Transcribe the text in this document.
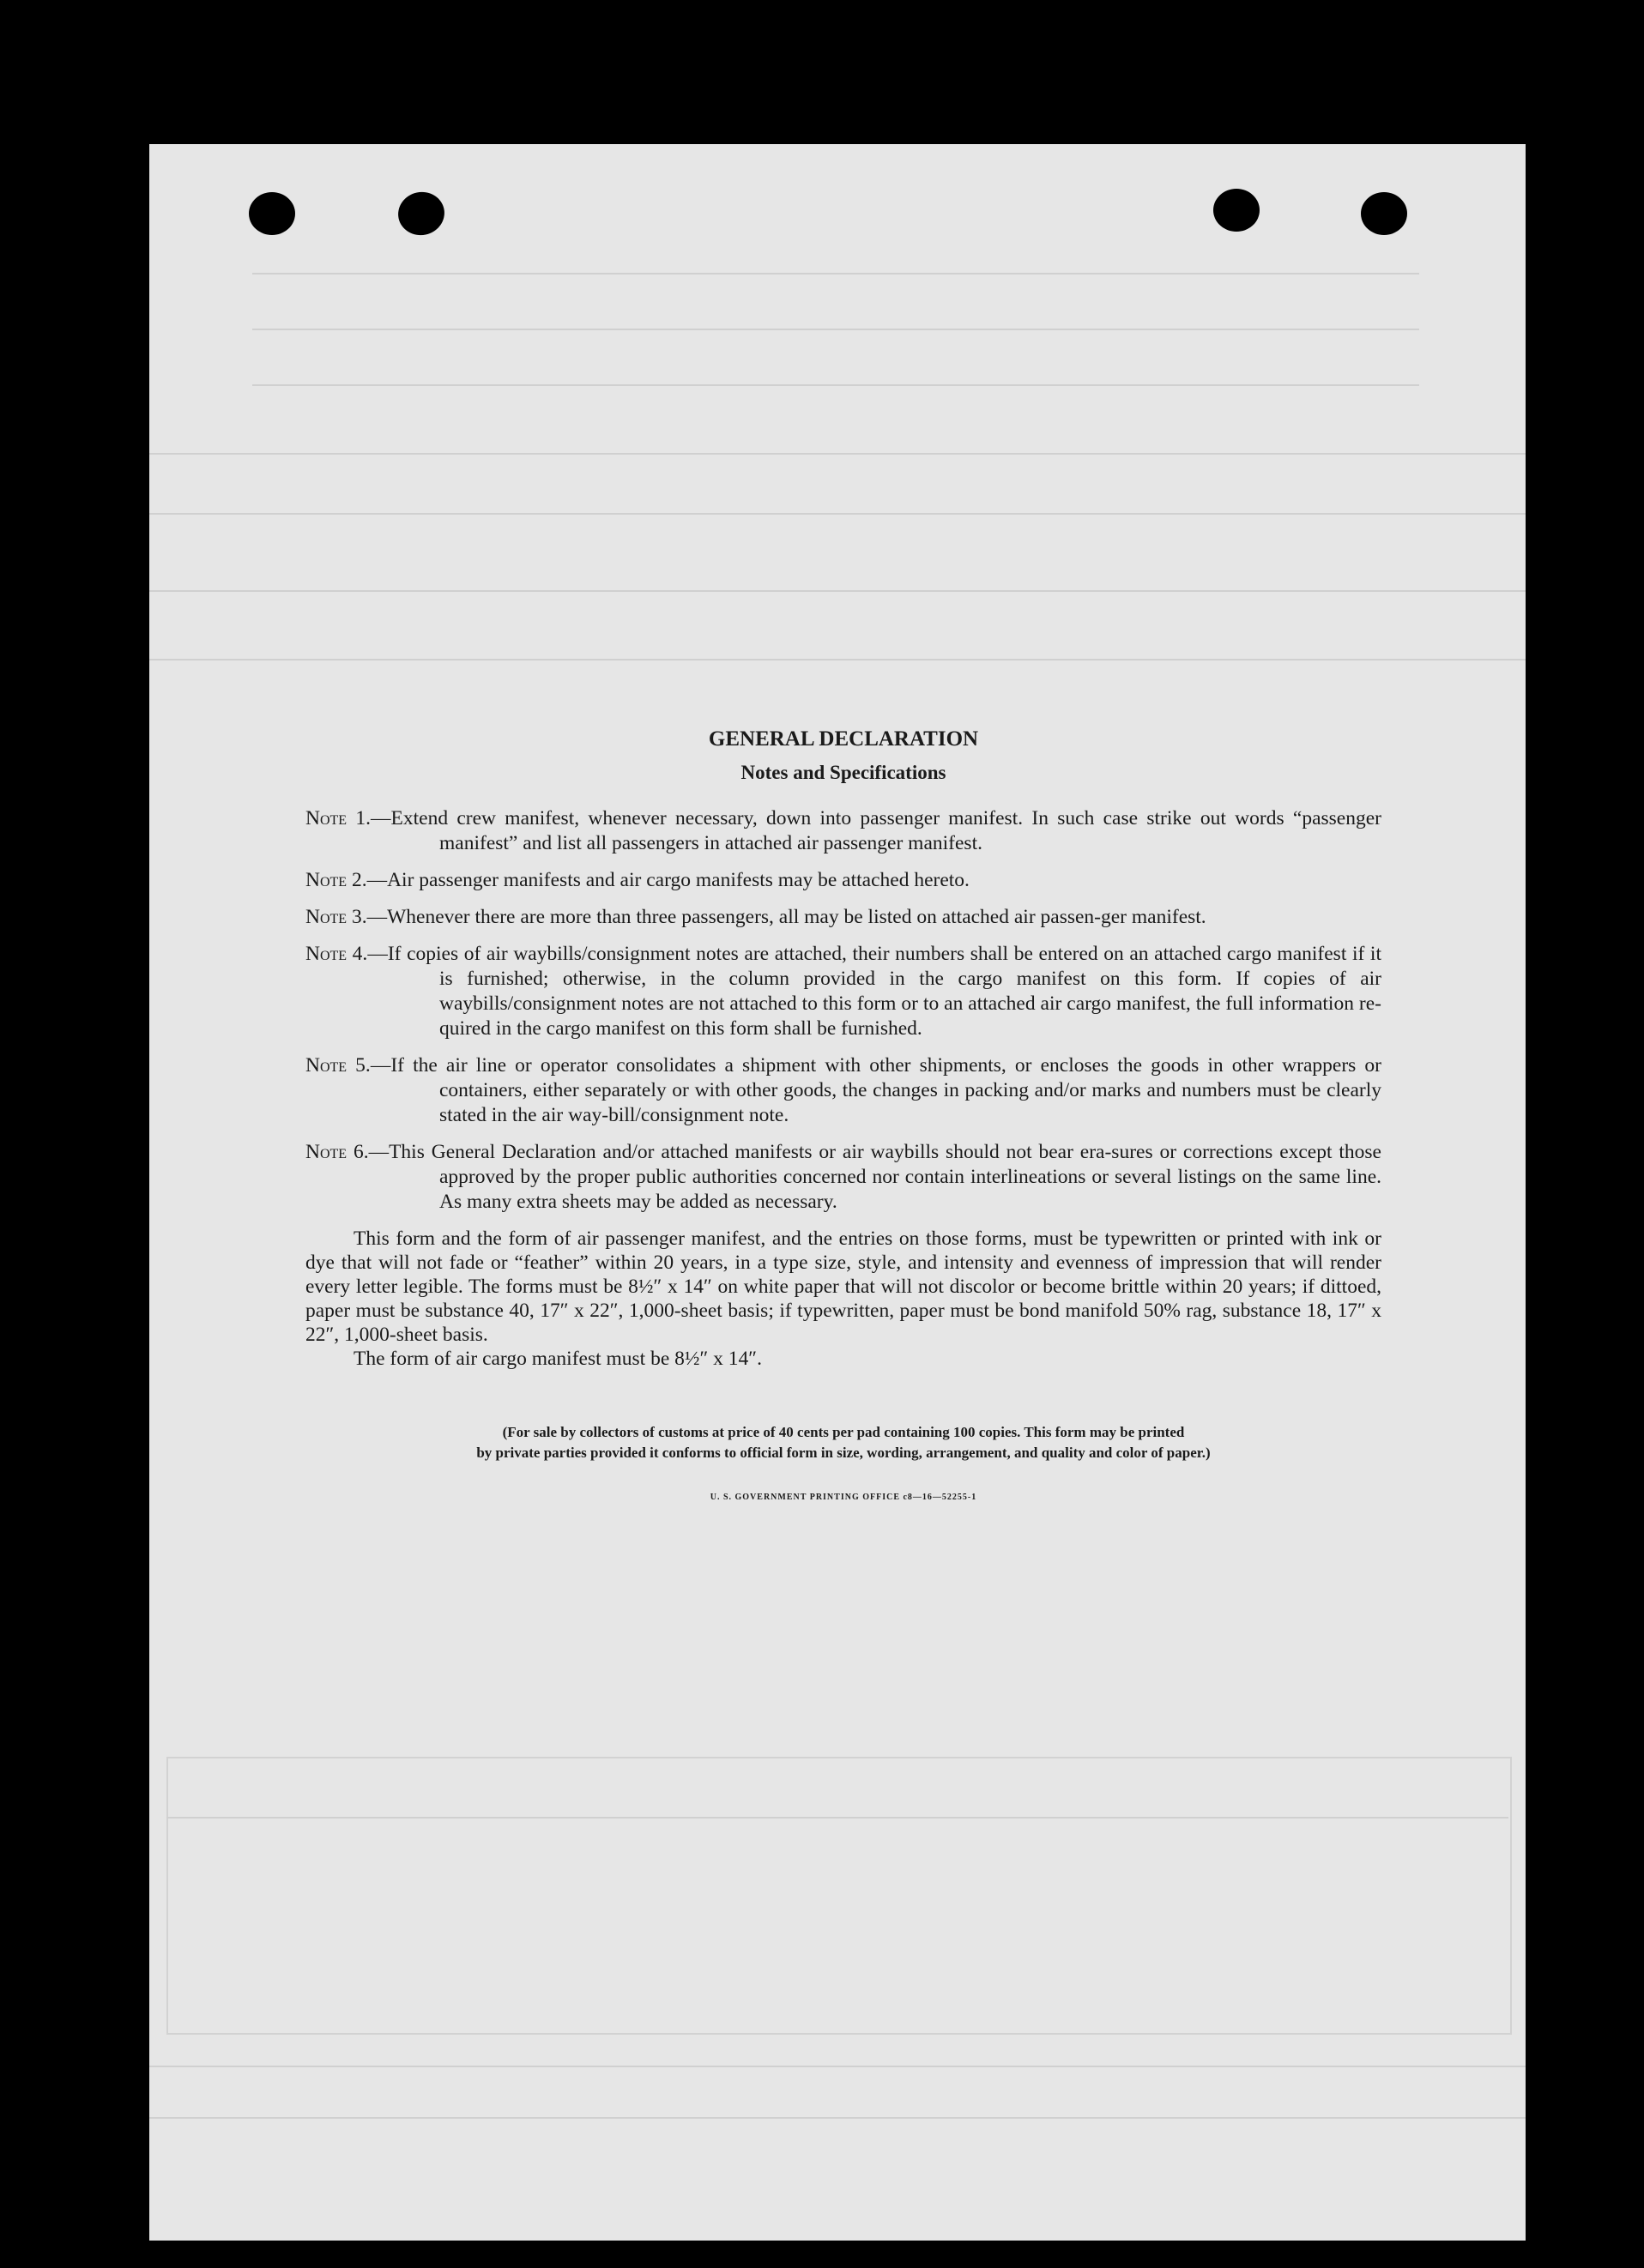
GENERAL DECLARATION

Notes and Specifications

Note 1.—Extend crew manifest, whenever necessary, down into passenger manifest. In such case strike out words “passenger manifest” and list all passengers in attached air passenger manifest.
Note 2.—Air passenger manifests and air cargo manifests may be attached hereto.
Note 3.—Whenever there are more than three passengers, all may be listed on attached air passen-ger manifest.
Note 4.—If copies of air waybills/consignment notes are attached, their numbers shall be entered on an attached cargo manifest if it is furnished; otherwise, in the column provided in the cargo manifest on this form. If copies of air waybills/consignment notes are not attached to this form or to an attached air cargo manifest, the full information re-quired in the cargo manifest on this form shall be furnished.
Note 5.—If the air line or operator consolidates a shipment with other shipments, or encloses the goods in other wrappers or containers, either separately or with other goods, the changes in packing and/or marks and numbers must be clearly stated in the air way-bill/consignment note.
Note 6.—This General Declaration and/or attached manifests or air waybills should not bear era-sures or corrections except those approved by the proper public authorities concerned nor contain interlineations or several listings on the same line. As many extra sheets may be added as necessary.

This form and the form of air passenger manifest, and the entries on those forms, must be typewritten or printed with ink or dye that will not fade or “feather” within 20 years, in a type size, style, and intensity and evenness of impression that will render every letter legible. The forms must be 8½″ x 14″ on white paper that will not discolor or become brittle within 20 years; if dittoed, paper must be substance 40, 17″ x 22″, 1,000-sheet basis; if typewritten, paper must be bond manifold 50% rag, substance 18, 17″ x 22″, 1,000-sheet basis.

The form of air cargo manifest must be 8½″ x 14″.

(For sale by collectors of customs at price of 40 cents per pad containing 100 copies. This form may be printed
by private parties provided it conforms to official form in size, wording, arrangement, and quality and color of paper.)
U. S. GOVERNMENT PRINTING OFFICE c8—16—52255-1
